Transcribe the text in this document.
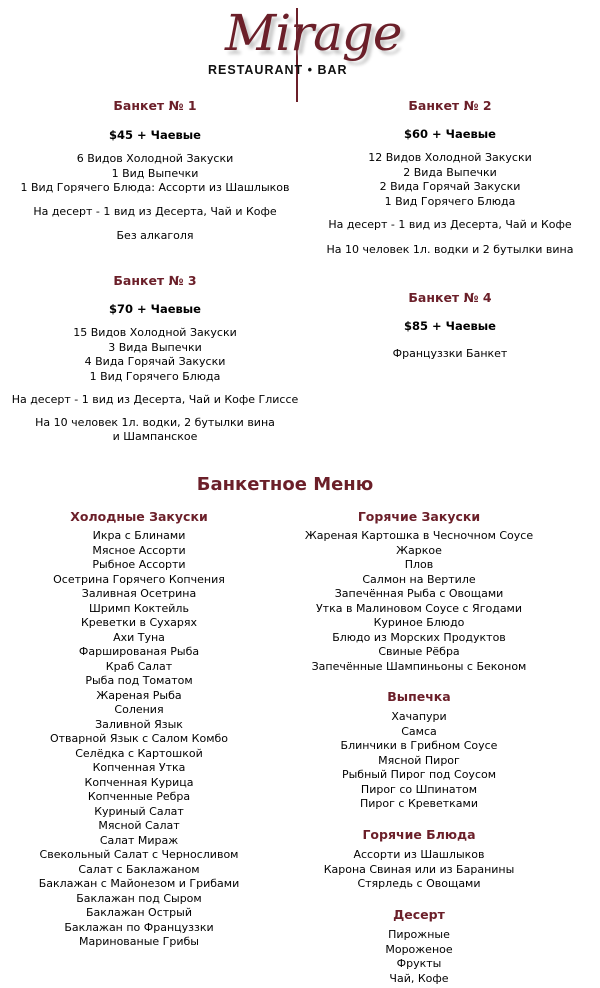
Mirage
RESTAURANT • BAR
Банкет № 1
$45 + Чаевые
6 Видов Холодной Закуски
1 Вид Выпечки
1 Вид Горячего Блюда: Ассорти из Шашлыков
На десерт - 1 вид из Десерта, Чай и Кофе
Без алкаголя
Банкет № 2
$60 + Чаевые
12 Видов Холодной Закуски
2 Вида Выпечки
2 Вида Горячай Закуски
1 Вид Горячего Блюда
На десерт - 1 вид из Десерта, Чай и Кофе
На 10 человек 1л. водки и 2 бутылки вина
Банкет № 3
$70 + Чаевые
15 Видов Холодной Закуски
3 Вида Выпечки
4 Вида Горячай Закуски
1 Вид Горячего Блюда
На десерт - 1 вид из Десерта, Чай и Кофе Глиссе
На 10 человек 1л. водки, 2 бутылки вина
и Шампанское
Банкет № 4
$85 + Чаевые
Француззки Банкет
Банкетное Меню
Холодные Закуски
Икра с Блинами
Мясное Ассорти
Рыбное Ассорти
Осетрина Горячего Копчения
Заливная Осетрина
Шримп Коктейль
Креветки в Сухарях
Ахи Туна
Фаршированая Рыба
Краб Салат
Рыба под Томатом
Жареная Рыба
Соления
Заливной Язык
Отварной Язык с Салом Комбо
Селёдка с Картошкой
Копченная Утка
Копченная Курица
Копченные Ребра
Куриный Салат
Мясной Салат
Салат Мираж
Свекольный Салат с Черносливом
Салат с Баклажаном
Баклажан с Майонезом и Грибами
Баклажан под Сыром
Баклажан Острый
Баклажан по Француззки
Маринованые Грибы
Горячие Закуски
Жареная Картошка в Чесночном Соусе
Жаркое
Плов
Салмон на Вертиле
Запечённая Рыба с Овощами
Утка в Малиновом Соусе с Ягодами
Куриное Блюдо
Блюдо из Морских Продуктов
Свиные Рёбра
Запечённые Шампиньоны с Беконом
Выпечка
Хачапури
Самса
Блинчики в Грибном Соусе
Мясной Пирог
Рыбный Пирог под Соусом
Пирог со Шпинатом
Пирог с Креветками
Горячие Блюда
Ассорти из Шашлыков
Карона Свиная или из Баранины
Стярледь с Овощами
Десерт
Пирожные
Мороженое
Фрукты
Чай, Кофе
